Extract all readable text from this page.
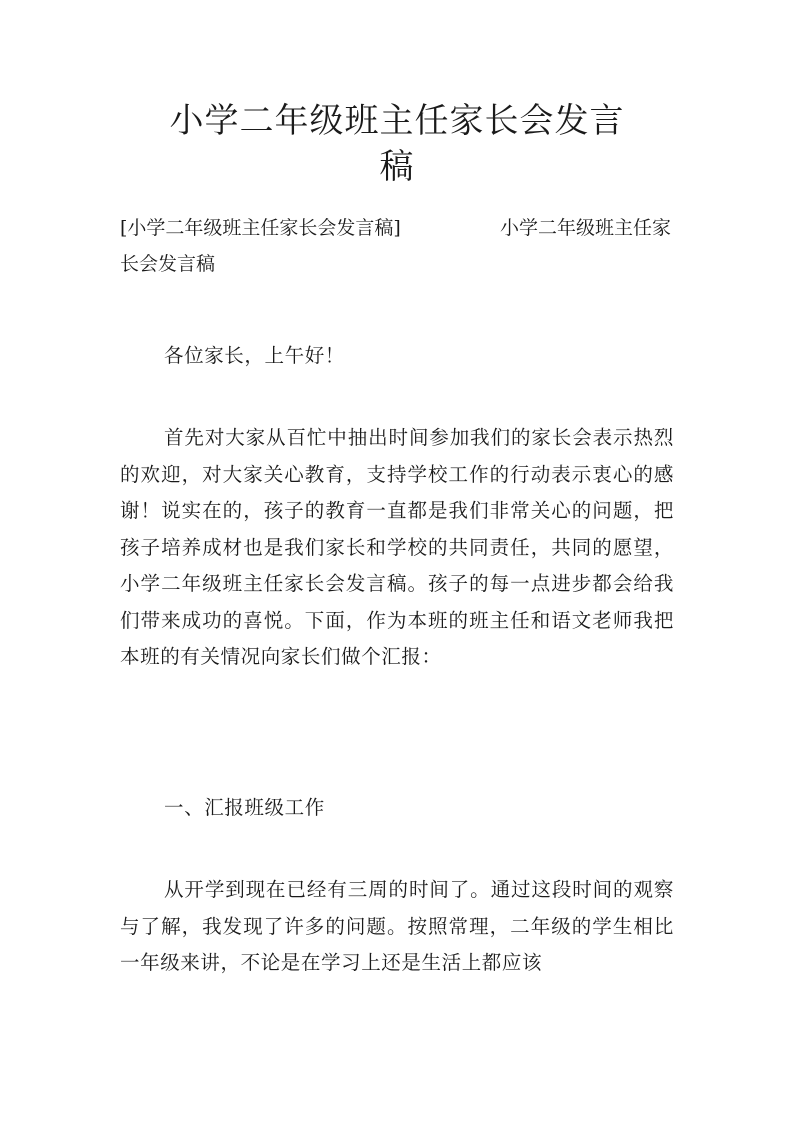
小学二年级班主任家长会发言
稿
[小学二年级班主任家长会发言稿]	小学二年级班主任家长会发言稿

各位家长，上午好！

首先对大家从百忙中抽出时间参加我们的家长会表示热烈的欢迎，对大家关心教育，支持学校工作的行动表示衷心的感谢！说实在的，孩子的教育一直都是我们非常关心的问题，把孩子培养成材也是我们家长和学校的共同责任，共同的愿望，小学二年级班主任家长会发言稿。孩子的每一点进步都会给我们带来成功的喜悦。下面，作为本班的班主任和语文老师我把本班的有关情况向家长们做个汇报：

一、汇报班级工作

从开学到现在已经有三周的时间了。通过这段时间的观察与了解，我发现了许多的问题。按照常理，二年级的学生相比一年级来讲，不论是在学习上还是生活上都应该
